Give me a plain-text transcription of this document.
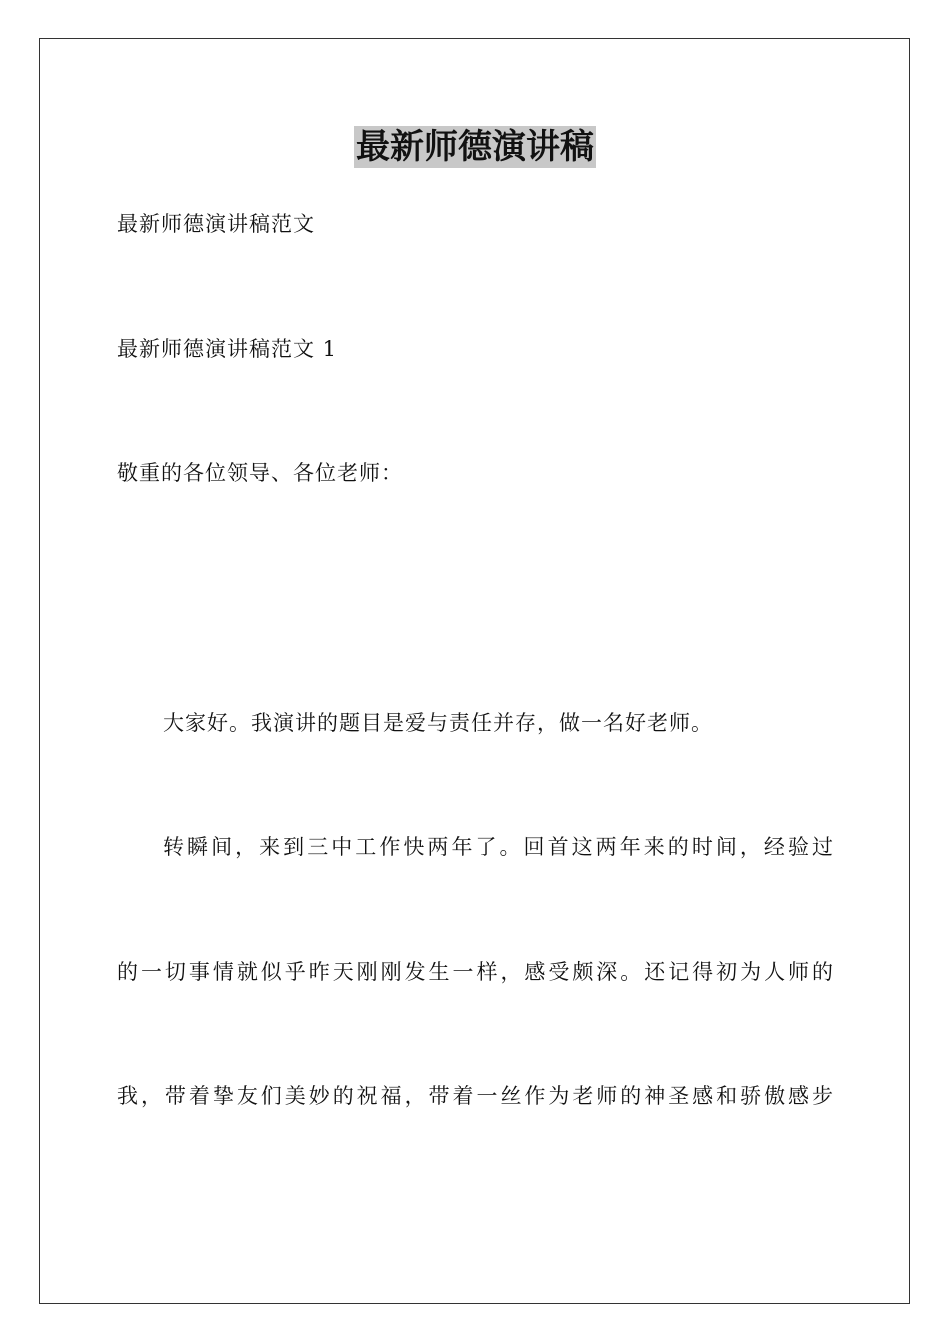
最新师德演讲稿
最新师德演讲稿范文
最新师德演讲稿范文 1
敬重的各位领导、各位老师：
大家好。我演讲的题目是爱与责任并存，做一名好老师。
转瞬间，来到三中工作快两年了。回首这两年来的时间，经验过
的一切事情就似乎昨天刚刚发生一样，感受颇深。还记得初为人师的
我，带着挚友们美妙的祝福，带着一丝作为老师的神圣感和骄傲感步
